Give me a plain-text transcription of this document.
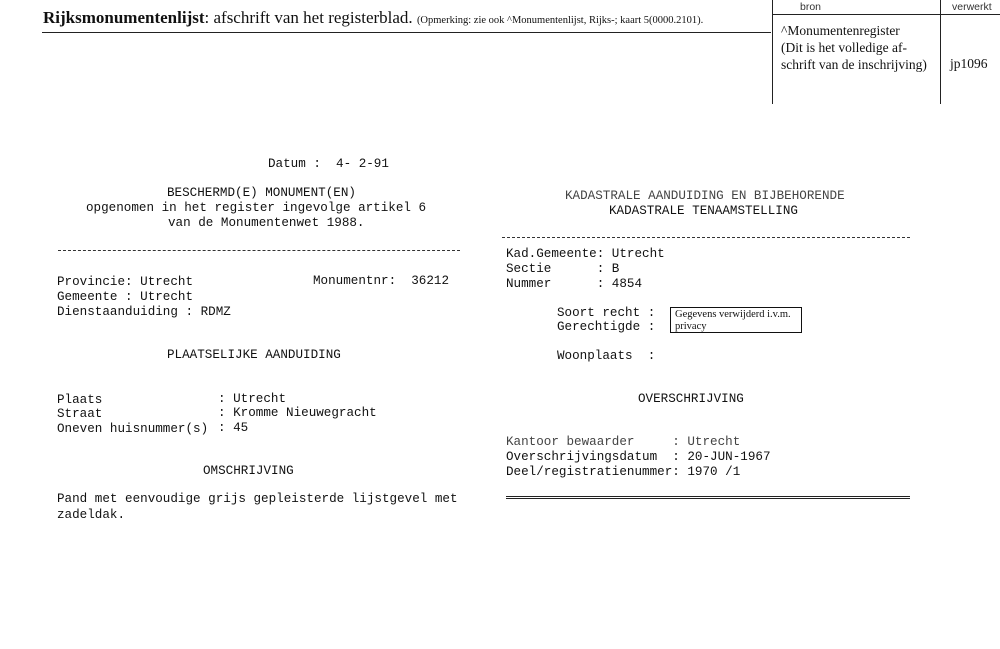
Rijksmonumentenlijst: afschrift van het registerblad. (Opmerking: zie ook ^Monumentenlijst, Rijks-; kaart 5(0000.2101).
bron	verwerkt
^Monumentenregister
(Dit is het volledige af-
schrift van de inschrijving) jp1096
Datum :  4- 2-91
BESCHERMD(E) MONUMENT(EN)
opgenomen in het register ingevolge artikel 6
van de Monumentenwet 1988.
Provincie: Utrecht	Monumentnr:  36212
Gemeente : Utrecht
Dienstaanduiding : RDMZ
PLAATSELIJKE AANDUIDING
Plaats	: Utrecht
Straat	: Kromme Nieuwegracht
Oneven huisnummer(s) : 45
OMSCHRIJVING
Pand met eenvoudige grijs gepleisterde lijstgevel met
zadeldak.
KADASTRALE AANDUIDING EN BIJBEHORENDE
KADASTRALE TENAAMSTELLING
Kad.Gemeente: Utrecht
Sectie      : B
Nummer      : 4854
Soort recht :
Gerechtigde :
Gegevens verwijderd i.v.m. privacy
Woonplaats  :
OVERSCHRIJVING
Kantoor bewaarder     : Utrecht
Overschrijvingsdatum  : 20-JUN-1967
Deel/registratienummer: 1970 /1
